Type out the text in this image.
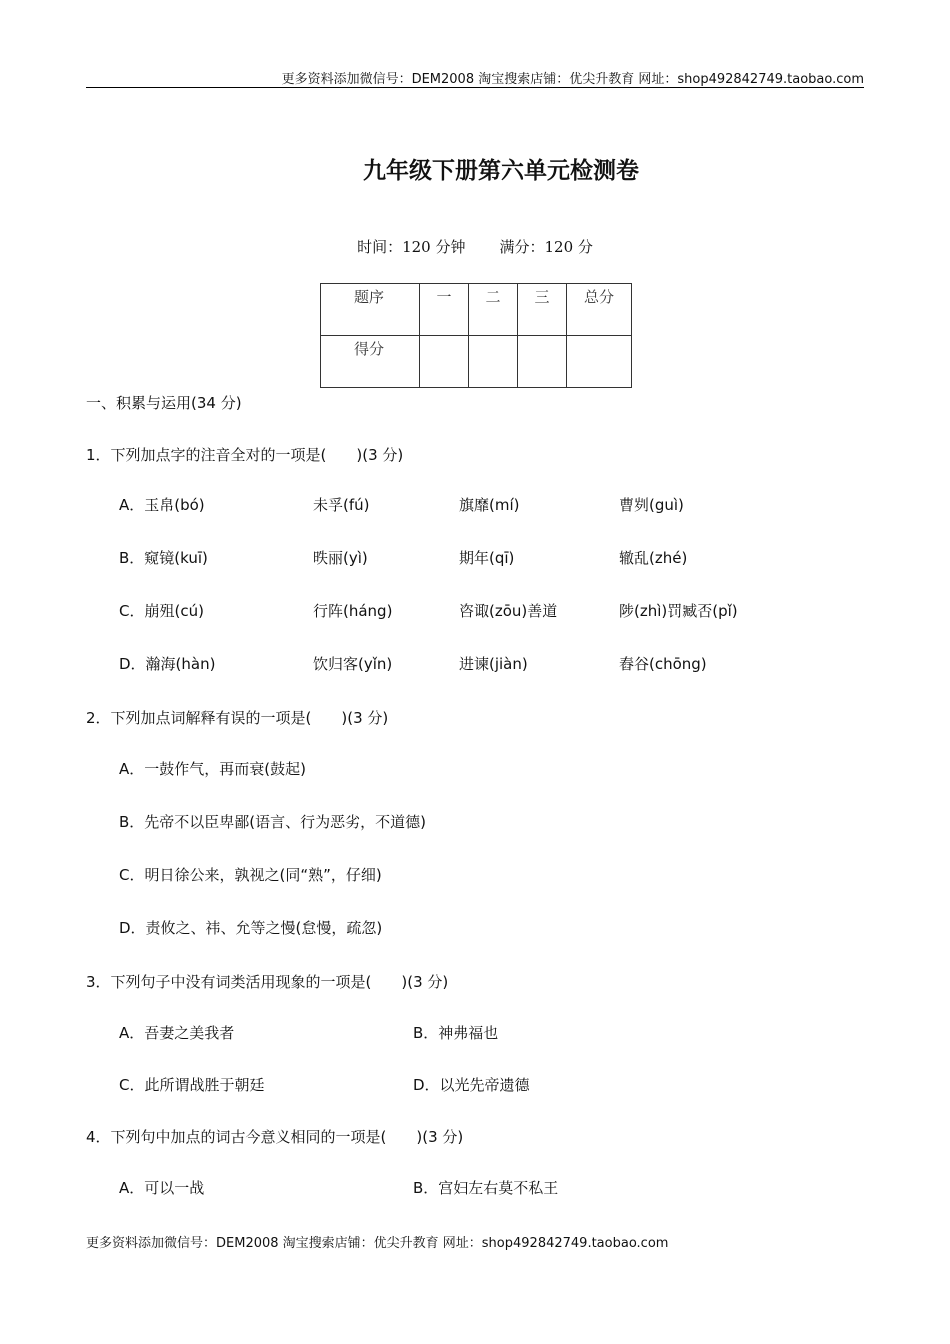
更多资料添加微信号：DEM2008 淘宝搜索店铺：优尖升教育 网址：shop492842749.taobao.com
九年级下册第六单元检测卷
时间：120 分钟 满分：120 分
题序	一	二	三	总分
得分				
一、积累与运用(34 分)
1．下列加点字的注音全对的一项是(　　)(3 分)
A．玉帛(bó)	未孚(fú)	旗靡(mí)	曹刿(guì)
B．窥镜(kuī)	昳丽(yì)	期年(qī)	辙乱(zhé)
C．崩殂(cú)	行阵(háng)	咨诹(zōu)善道	陟(zhì)罚臧否(pǐ)
D．瀚海(hàn)	饮归客(yǐn)	进谏(jiàn)	舂谷(chōng)
2．下列加点词解释有误的一项是(　　)(3 分)
A．一鼓作气，再而衰(鼓起)
B．先帝不以臣卑鄙(语言、行为恶劣，不道德)
C．明日徐公来，孰视之(同“熟”，仔细)
D．责攸之、祎、允等之慢(怠慢，疏忽)
3．下列句子中没有词类活用现象的一项是(　　)(3 分)
A．吾妻之美我者	B．神弗福也
C．此所谓战胜于朝廷	D．以光先帝遗德
4．下列句中加点的词古今意义相同的一项是(　　)(3 分)
A．可以一战	B．宫妇左右莫不私王
更多资料添加微信号：DEM2008 淘宝搜索店铺：优尖升教育 网址：shop492842749.taobao.com
